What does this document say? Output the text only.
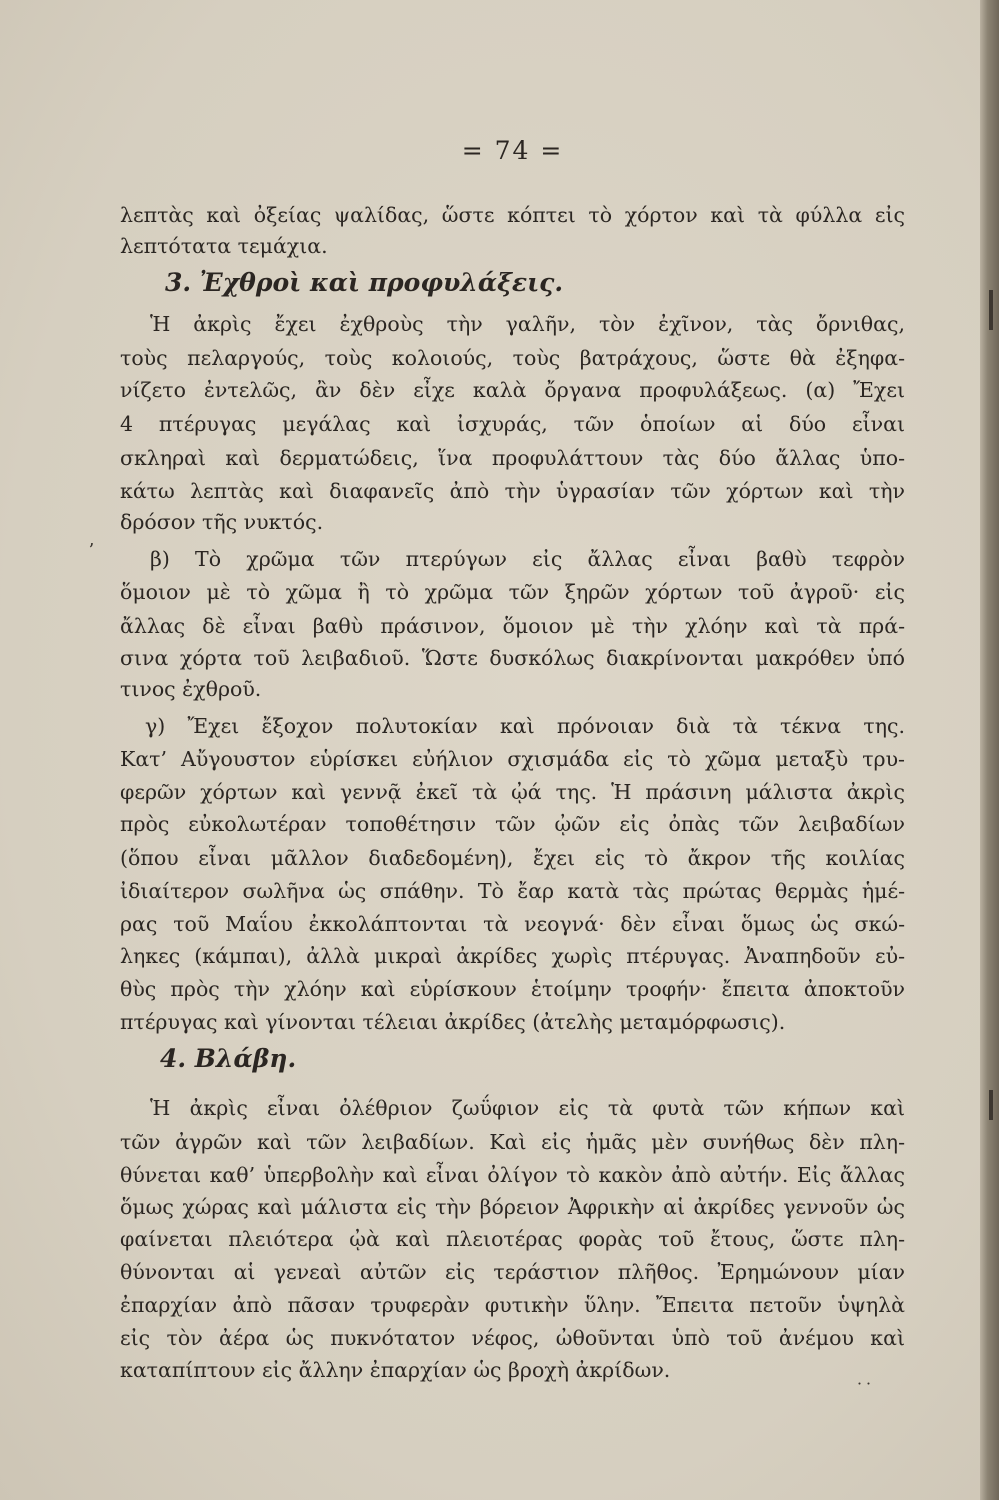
= 74 =
λεπτὰς καὶ ὀξείας ψαλίδας, ὥστε κόπτει τὸ χόρτον καὶ τὰ φύλλα εἰς
λεπτότατα τεμάχια.
3. Ἐχθροὶ καὶ προφυλάξεις.
Ἡ ἀκρὶς ἔχει ἐχθροὺς τὴν γαλῆν, τὸν ἐχῖνον, τὰς ὄρνιθας,
τοὺς πελαργούς, τοὺς κολοιούς, τοὺς βατράχους, ὥστε θὰ ἐξηφα-
νίζετο ἐντελῶς, ἂν δὲν εἶχε καλὰ ὄργανα προφυλάξεως. (α) Ἔχει
4 πτέρυγας μεγάλας καὶ ἰσχυράς, τῶν ὁποίων αἱ δύο εἶναι
σκληραὶ καὶ δερματώδεις, ἵνα προφυλάττουν τὰς δύο ἄλλας ὑπο-
κάτω λεπτὰς καὶ διαφανεῖς ἀπὸ τὴν ὑγρασίαν τῶν χόρτων καὶ τὴν
δρόσον τῆς νυκτός.
β) Τὸ χρῶμα τῶν πτερύγων εἰς ἄλλας εἶναι βαθὺ τεφρὸν
ὅμοιον μὲ τὸ χῶμα ἢ τὸ χρῶμα τῶν ξηρῶν χόρτων τοῦ ἀγροῦ· εἰς
ἄλλας δὲ εἶναι βαθὺ πράσινον, ὅμοιον μὲ τὴν χλόην καὶ τὰ πρά-
σινα χόρτα τοῦ λειβαδιοῦ. Ὥστε δυσκόλως διακρίνονται μακρόθεν ὑπό
τινος ἐχθροῦ.
γ) Ἔχει ἔξοχον πολυτοκίαν καὶ πρόνοιαν διὰ τὰ τέκνα της.
Κατ’ Αὔγουστον εὑρίσκει εὐήλιον σχισμάδα εἰς τὸ χῶμα μεταξὺ τρυ-
φερῶν χόρτων καὶ γεννᾷ ἐκεῖ τὰ ᾠά της. Ἡ πράσινη μάλιστα ἀκρὶς
πρὸς εὐκολωτέραν τοποθέτησιν τῶν ᾠῶν εἰς ὀπὰς τῶν λειβαδίων
(ὅπου εἶναι μᾶλλον διαδεδομένη), ἔχει εἰς τὸ ἄκρον τῆς κοιλίας
ἰδιαίτερον σωλῆνα ὡς σπάθην. Τὸ ἔαρ κατὰ τὰς πρώτας θερμὰς ἡμέ-
ρας τοῦ Μαΐου ἐκκολάπτονται τὰ νεογνά· δὲν εἶναι ὅμως ὡς σκώ-
ληκες (κάμπαι), ἀλλὰ μικραὶ ἀκρίδες χωρὶς πτέρυγας. Ἀναπηδοῦν εὐ-
θὺς πρὸς τὴν χλόην καὶ εὑρίσκουν ἑτοίμην τροφήν· ἔπειτα ἀποκτοῦν
πτέρυγας καὶ γίνονται τέλειαι ἀκρίδες (ἀτελὴς μεταμόρφωσις).
4. Βλάβη.
Ἡ ἀκρὶς εἶναι ὀλέθριον ζωΰφιον εἰς τὰ φυτὰ τῶν κήπων καὶ
τῶν ἀγρῶν καὶ τῶν λειβαδίων. Καὶ εἰς ἡμᾶς μὲν συνήθως δὲν πλη-
θύνεται καθ’ ὑπερβολὴν καὶ εἶναι ὀλίγον τὸ κακὸν ἀπὸ αὐτήν. Εἰς ἄλλας
ὅμως χώρας καὶ μάλιστα εἰς τὴν βόρειον Ἀφρικὴν αἱ ἀκρίδες γεννοῦν ὡς
φαίνεται πλειότερα ᾠὰ καὶ πλειοτέρας φορὰς τοῦ ἔτους, ὥστε πλη-
θύνονται αἱ γενεαὶ αὐτῶν εἰς τεράστιον πλῆθος. Ἐρημώνουν μίαν
ἐπαρχίαν ἀπὸ πᾶσαν τρυφερὰν φυτικὴν ὕλην. Ἔπειτα πετοῦν ὑψηλὰ
εἰς τὸν ἀέρα ὡς πυκνότατον νέφος, ὠθοῦνται ὑπὸ τοῦ ἀνέμου καὶ
καταπίπτουν εἰς ἄλλην ἐπαρχίαν ὡς βροχὴ ἀκρίδων.
ʼ
˙˙
